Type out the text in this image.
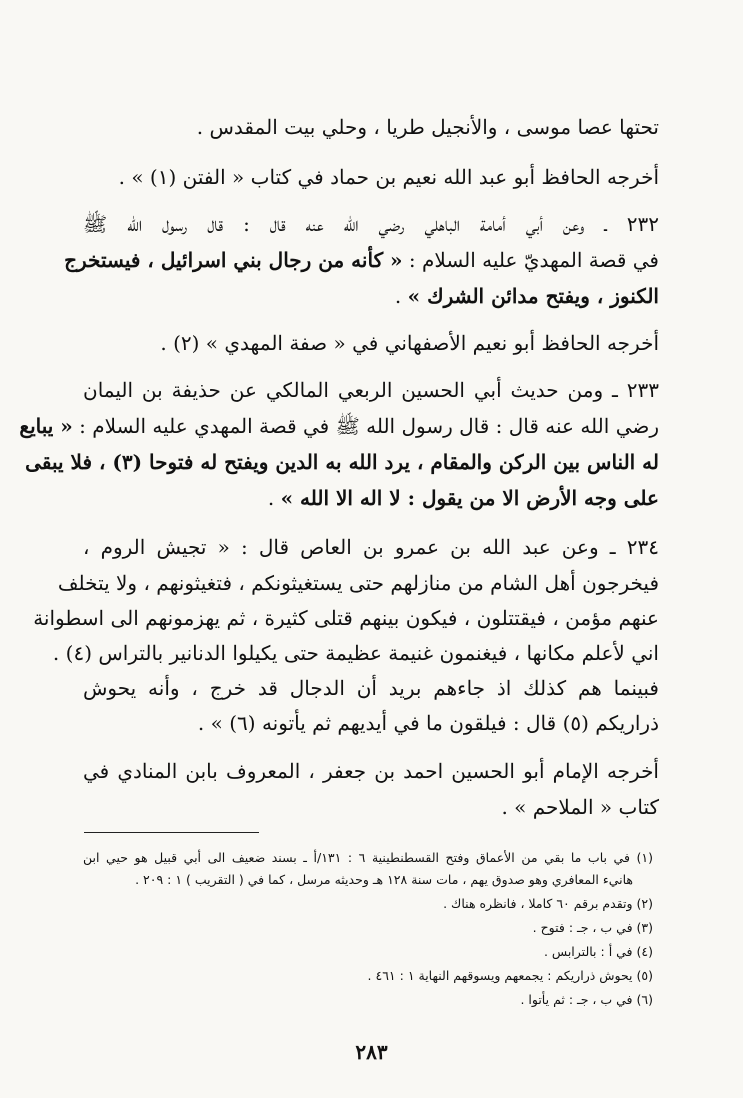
تحتها عصا موسى ، والأنجيل طريا ، وحلي بيت المقدس .
أخرجه الحافظ أبو عبد الله نعيم بن حماد في كتاب « الفتن (١) » .
٢٣٢ ـ وعن أبي أمامة الباهلي رضي الله عنه قال : قال رسول الله ﷺ
في قصة المهديّ عليه السلام : « كأنه من رجال بني اسرائيل ، فيستخرج
الكنوز ، ويفتح مدائن الشرك » .
أخرجه الحافظ أبو نعيم الأصفهاني في « صفة المهدي » (٢) .
٢٣٣ ـ ومن حديث أبي الحسين الربعي المالكي عن حذيفة بن اليمان
رضي الله عنه قال : قال رسول الله ﷺ في قصة المهدي عليه السلام : « يبايع
له الناس بين الركن والمقام ، يرد الله به الدين ويفتح له فتوحا (٣) ، فلا يبقى
على وجه الأرض الا من يقول : لا اله الا الله » .
٢٣٤ ـ وعن عبد الله بن عمرو بن العاص قال : « تجيش الروم ،
فيخرجون أهل الشام من منازلهم حتى يستغيثونكم ، فتغيثونهم ، ولا يتخلف
عنهم مؤمن ، فيقتتلون ، فيكون بينهم قتلى كثيرة ، ثم يهزمونهم الى اسطوانة
اني لأعلم مكانها ، فيغنمون غنيمة عظيمة حتى يكيلوا الدنانير بالتراس (٤) .
فبينما هم كذلك اذ جاءهم بريد أن الدجال قد خرج ، وأنه يحوش
ذراريكم (٥) قال : فيلقون ما في أيديهم ثم يأتونه (٦) » .
أخرجه الإمام أبو الحسين احمد بن جعفر ، المعروف بابن المنادي في
كتاب « الملاحم » .
(١) في باب ما بقي من الأعماق وفتح القسطنطينية ٦ : ١٣١/أ ـ بسند ضعيف الى أبي قبيل هو حيي ابن
هانيء المعافري وهو صدوق يهم ، مات سنة ١٢٨ هـ وحديثه مرسل ، كما في ( التقريب ) ١ : ٢٠٩ .
(٢) وتقدم برقم ٦٠ كاملا ، فانظره هناك .
(٣) في ب ، جـ : فتوح .
(٤) في أ : بالترابس .
(٥) يحوش ذراريكم : يجمعهم ويسوقهم النهاية ١ : ٤٦١ .
(٦) في ب ، جـ : ثم يأتوا .
٢٨٣
